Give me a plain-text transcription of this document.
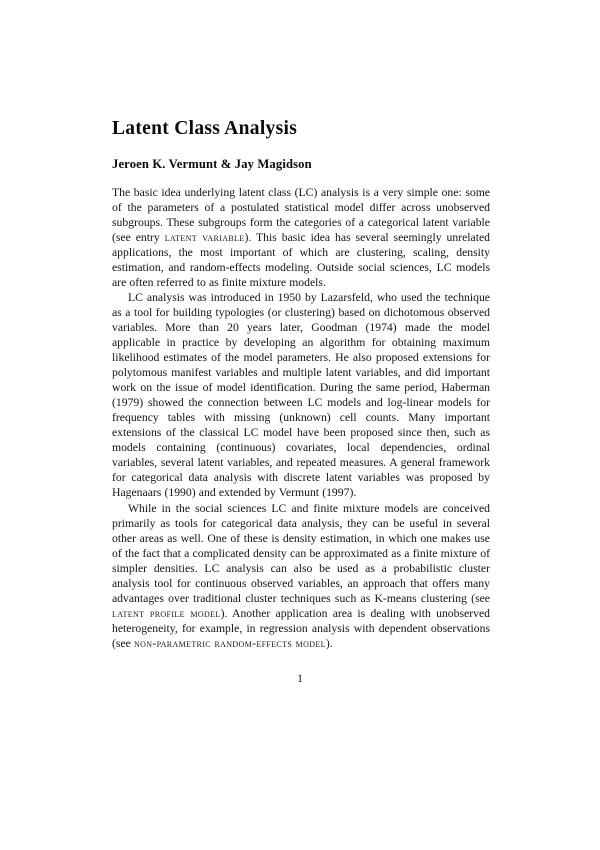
Latent Class Analysis
Jeroen K. Vermunt & Jay Magidson

The basic idea underlying latent class (LC) analysis is a very simple one: some of the parameters of a postulated statistical model differ across unobserved subgroups. These subgroups form the categories of a categorical latent variable (see entry latent variable). This basic idea has several seemingly unrelated applications, the most important of which are clustering, scaling, density estimation, and random-effects modeling. Outside social sciences, LC models are often referred to as finite mixture models.

LC analysis was introduced in 1950 by Lazarsfeld, who used the technique as a tool for building typologies (or clustering) based on dichotomous observed variables. More than 20 years later, Goodman (1974) made the model applicable in practice by developing an algorithm for obtaining maximum likelihood estimates of the model parameters. He also proposed extensions for polytomous manifest variables and multiple latent variables, and did important work on the issue of model identification. During the same period, Haberman (1979) showed the connection between LC models and log-linear models for frequency tables with missing (unknown) cell counts. Many important extensions of the classical LC model have been proposed since then, such as models containing (continuous) covariates, local dependencies, ordinal variables, several latent variables, and repeated measures. A general framework for categorical data analysis with discrete latent variables was proposed by Hagenaars (1990) and extended by Vermunt (1997).

While in the social sciences LC and finite mixture models are conceived primarily as tools for categorical data analysis, they can be useful in several other areas as well. One of these is density estimation, in which one makes use of the fact that a complicated density can be approximated as a finite mixture of simpler densities. LC analysis can also be used as a probabilistic cluster analysis tool for continuous observed variables, an approach that offers many advantages over traditional cluster techniques such as K-means clustering (see latent profile model). Another application area is dealing with unobserved heterogeneity, for example, in regression analysis with dependent observations (see non-parametric random-effects model).

1
